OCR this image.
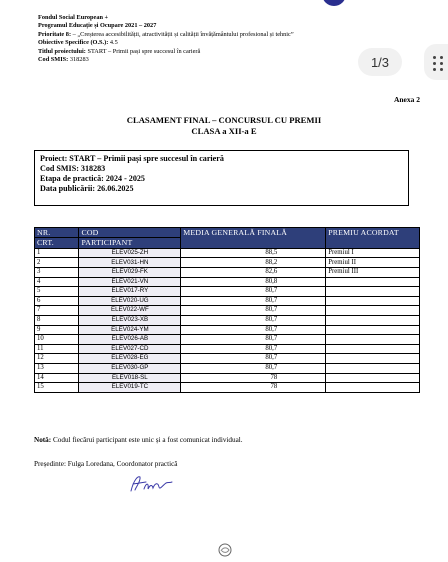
Fondul Social European +
Programul Educație și Ocupare 2021 – 2027
Prioritate 8: – „Creșterea accesibilității, atractivității și calității învățământului profesional și tehnic”
Obiective Specifice (O.S.): 4.5
Titlul proiectului: START – Primii pași spre succesul în carieră
Cod SMIS: 318283	1/3
Anexa 2
CLASAMENT FINAL – CONCURSUL CU PREMII
CLASA a XII-a E
Proiect: START – Primii pași spre succesul în carieră
Cod SMIS: 318283
Etapa de practică: 2024 - 2025
Data publicării: 26.06.2025
NR.	COD	MEDIA GENERALĂ FINALĂ	PREMIU ACORDAT
CRT.	PARTICIPANT		
1	ELEV025-ZH	88,5	Premiul I
2	ELEV031-HN	88,2	Premiul II
3	ELEV029-FK	82,6	Premiul III
4	ELEV021-VN	80,8	
5	ELEV017-RY	80,7	
6	ELEV020-UG	80,7	
7	ELEV022-WF	80,7	
8	ELEV023-XB	80,7	
9	ELEV024-YM	80,7	
10	ELEV026-AB	80,7	
11	ELEV027-CD	80,7	
12	ELEV028-EG	80,7	
13	ELEV030-GP	80,7	
14	ELEV018-SL	78	
15	ELEV019-TC	78	
Notă: Codul fiecărui participant este unic și a fost comunicat individual.
Președinte: Fulga Loredana, Coordonator practică
